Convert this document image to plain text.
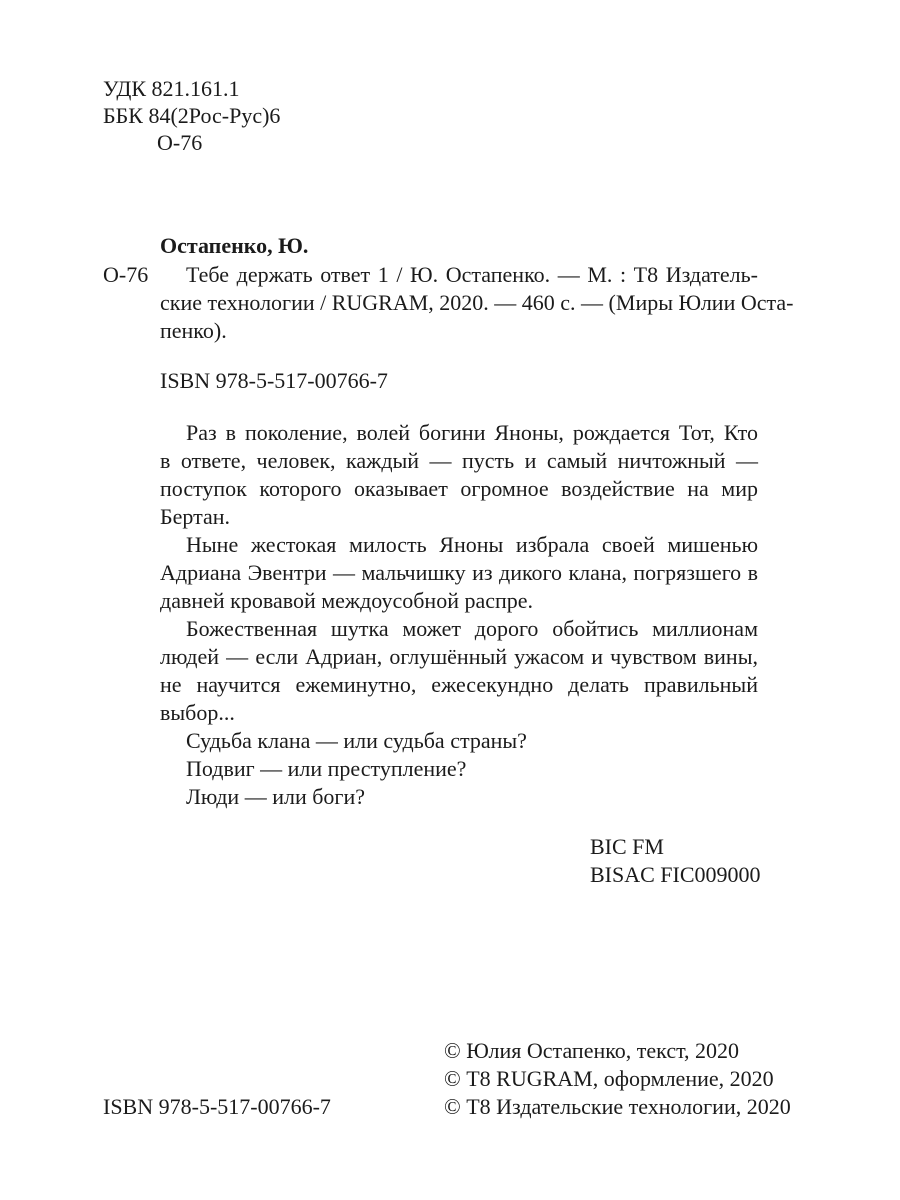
УДК 821.161.1
ББК 84(2Рос-Рус)6
О-76
Остапенко, Ю.
О-76 Тебе держать ответ 1 / Ю. Остапенко. — М. : Т8 Издатель-
ские технологии / RUGRAM, 2020. — 460 с. — (Миры Юлии Оста-
пенко).
ISBN 978-5-517-00766-7
Раз в поколение, волей богини Яноны, рождается Тот, Кто
в ответе, человек, каждый — пусть и самый ничтожный —
поступок которого оказывает огромное воздействие на мир
Бертан.
Ныне жестокая милость Яноны избрала своей мишенью
Адриана Эвентри — мальчишку из дикого клана, погрязшего в
давней кровавой междоусобной распре.
Божественная шутка может дорого обойтись миллионам
людей — если Адриан, оглушённый ужасом и чувством вины,
не научится ежеминутно, ежесекундно делать правильный
выбор...
Судьба клана — или судьба страны?
Подвиг — или преступление?
Люди — или боги?
BIC FM
BISAC FIC009000
© Юлия Остапенко, текст, 2020
© Т8 RUGRAM, оформление, 2020
© Т8 Издательские технологии, 2020
ISBN 978-5-517-00766-7
